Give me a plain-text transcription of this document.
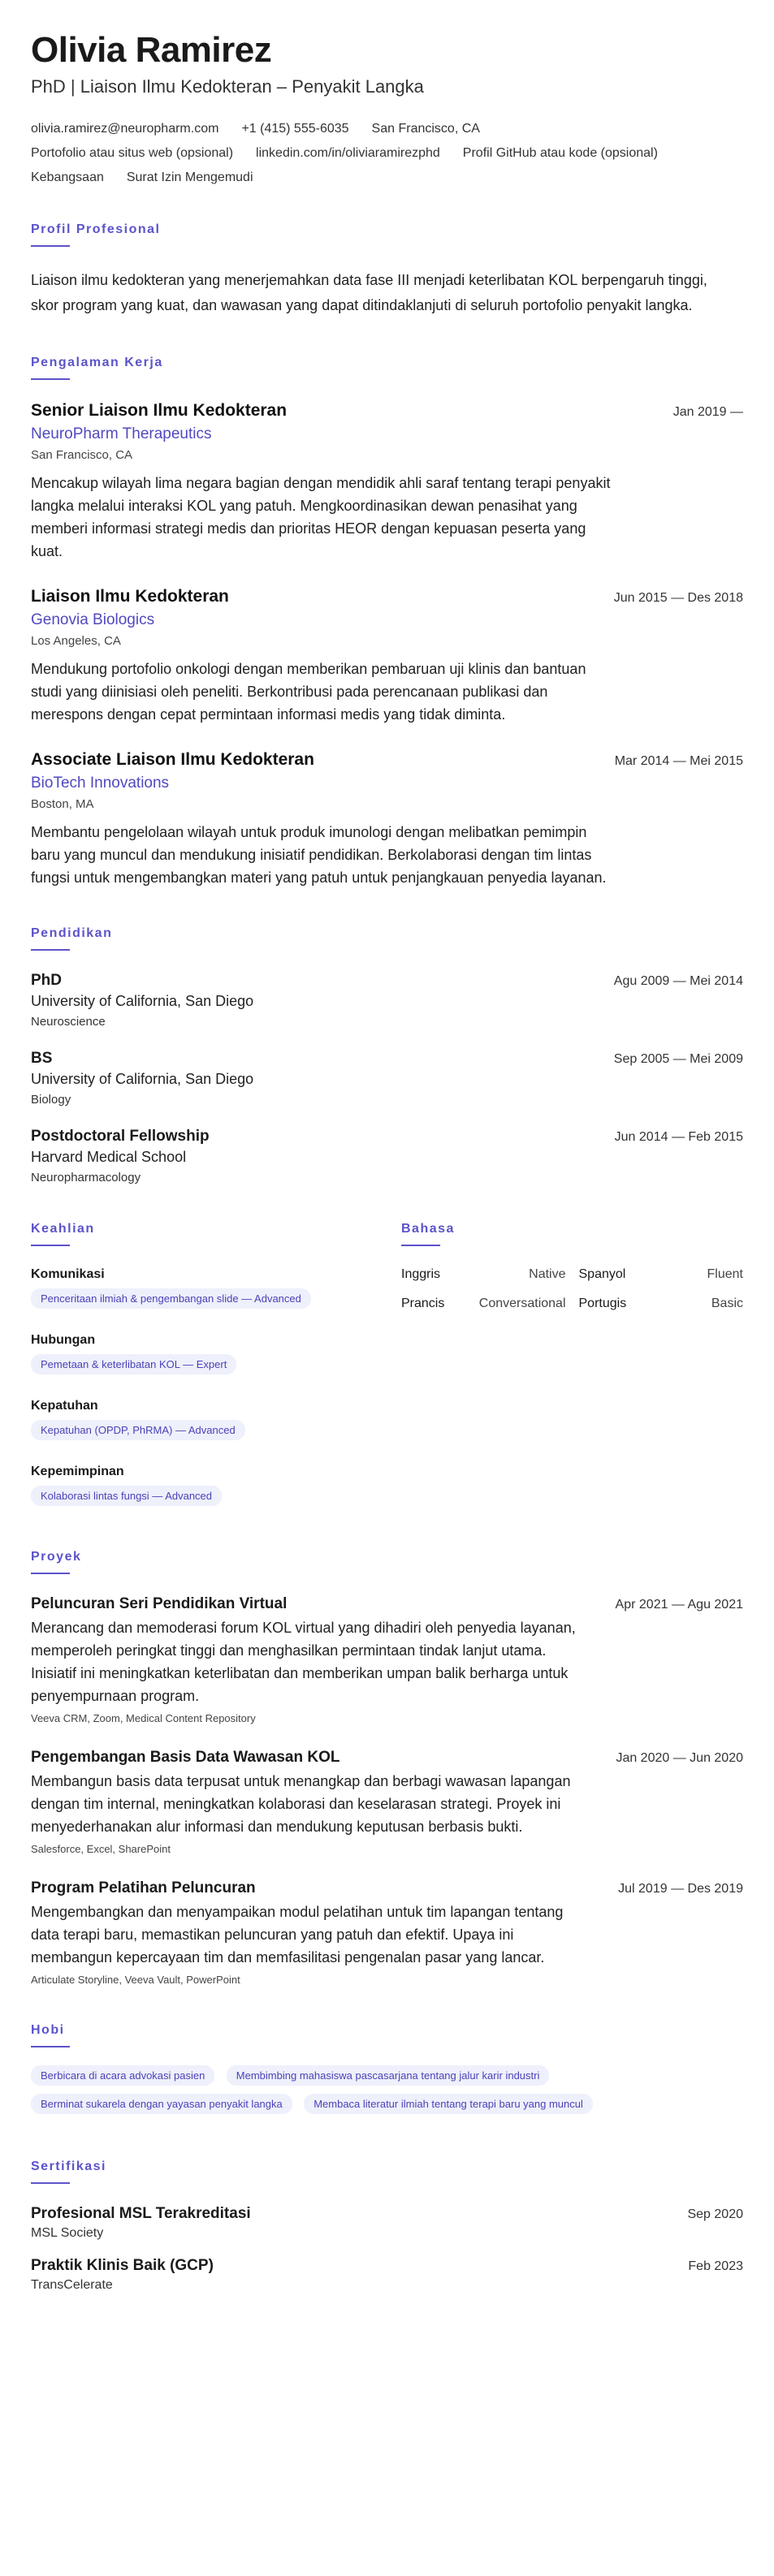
Olivia Ramirez
PhD | Liaison Ilmu Kedokteran – Penyakit Langka
olivia.ramirez@neuropharm.com +1 (415) 555-6035 San Francisco, CA
Portofolio atau situs web (opsional) linkedin.com/in/oliviaramirezphd Profil GitHub atau kode (opsional)
Kebangsaan Surat Izin Mengemudi
Profil Profesional

Liaison ilmu kedokteran yang menerjemahkan data fase III menjadi keterlibatan KOL berpengaruh tinggi, skor program yang kuat, dan wawasan yang dapat ditindaklanjuti di seluruh portofolio penyakit langka.

Pengalaman Kerja
Senior Liaison Ilmu Kedokteran	Jan 2019 —
NeuroPharm Therapeutics
San Francisco, CA
Mencakup wilayah lima negara bagian dengan mendidik ahli saraf tentang terapi penyakit langka melalui interaksi KOL yang patuh. Mengkoordinasikan dewan penasihat yang memberi informasi strategi medis dan prioritas HEOR dengan kepuasan peserta yang kuat.
Liaison Ilmu Kedokteran	Jun 2015 — Des 2018
Genovia Biologics
Los Angeles, CA
Mendukung portofolio onkologi dengan memberikan pembaruan uji klinis dan bantuan studi yang diinisiasi oleh peneliti. Berkontribusi pada perencanaan publikasi dan merespons dengan cepat permintaan informasi medis yang tidak diminta.
Associate Liaison Ilmu Kedokteran	Mar 2014 — Mei 2015
BioTech Innovations
Boston, MA
Membantu pengelolaan wilayah untuk produk imunologi dengan melibatkan pemimpin baru yang muncul dan mendukung inisiatif pendidikan. Berkolaborasi dengan tim lintas fungsi untuk mengembangkan materi yang patuh untuk penjangkauan penyedia layanan.
Pendidikan
PhD	Agu 2009 — Mei 2014
University of California, San Diego
Neuroscience
BS	Sep 2005 — Mei 2009
University of California, San Diego
Biology
Postdoctoral Fellowship	Jun 2014 — Feb 2015
Harvard Medical School
Neuropharmacology
Keahlian
Komunikasi
Penceritaan ilmiah & pengembangan slide — Advanced
Hubungan
Pemetaan & keterlibatan KOL — Expert
Kepatuhan
Kepatuhan (OPDP, PhRMA) — Advanced
Kepemimpinan
Kolaborasi lintas fungsi — Advanced
Bahasa
Inggris	Native Spanyol	Fluent
Prancis	Conversational Portugis	Basic
Proyek
Peluncuran Seri Pendidikan Virtual	Apr 2021 — Agu 2021
Merancang dan memoderasi forum KOL virtual yang dihadiri oleh penyedia layanan, memperoleh peringkat tinggi dan menghasilkan permintaan tindak lanjut utama. Inisiatif ini meningkatkan keterlibatan dan memberikan umpan balik berharga untuk penyempurnaan program.
Veeva CRM, Zoom, Medical Content Repository
Pengembangan Basis Data Wawasan KOL	Jan 2020 — Jun 2020
Membangun basis data terpusat untuk menangkap dan berbagi wawasan lapangan dengan tim internal, meningkatkan kolaborasi dan keselarasan strategi. Proyek ini menyederhanakan alur informasi dan mendukung keputusan berbasis bukti.
Salesforce, Excel, SharePoint
Program Pelatihan Peluncuran	Jul 2019 — Des 2019
Mengembangkan dan menyampaikan modul pelatihan untuk tim lapangan tentang data terapi baru, memastikan peluncuran yang patuh dan efektif. Upaya ini membangun kepercayaan tim dan memfasilitasi pengenalan pasar yang lancar.
Articulate Storyline, Veeva Vault, PowerPoint
Hobi
Berbicara di acara advokasi pasien	Membimbing mahasiswa pascasarjana tentang jalur karir industri
Berminat sukarela dengan yayasan penyakit langka	Membaca literatur ilmiah tentang terapi baru yang muncul
Sertifikasi
Profesional MSL Terakreditasi	Sep 2020
MSL Society
Praktik Klinis Baik (GCP)	Feb 2023
TransCelerate
